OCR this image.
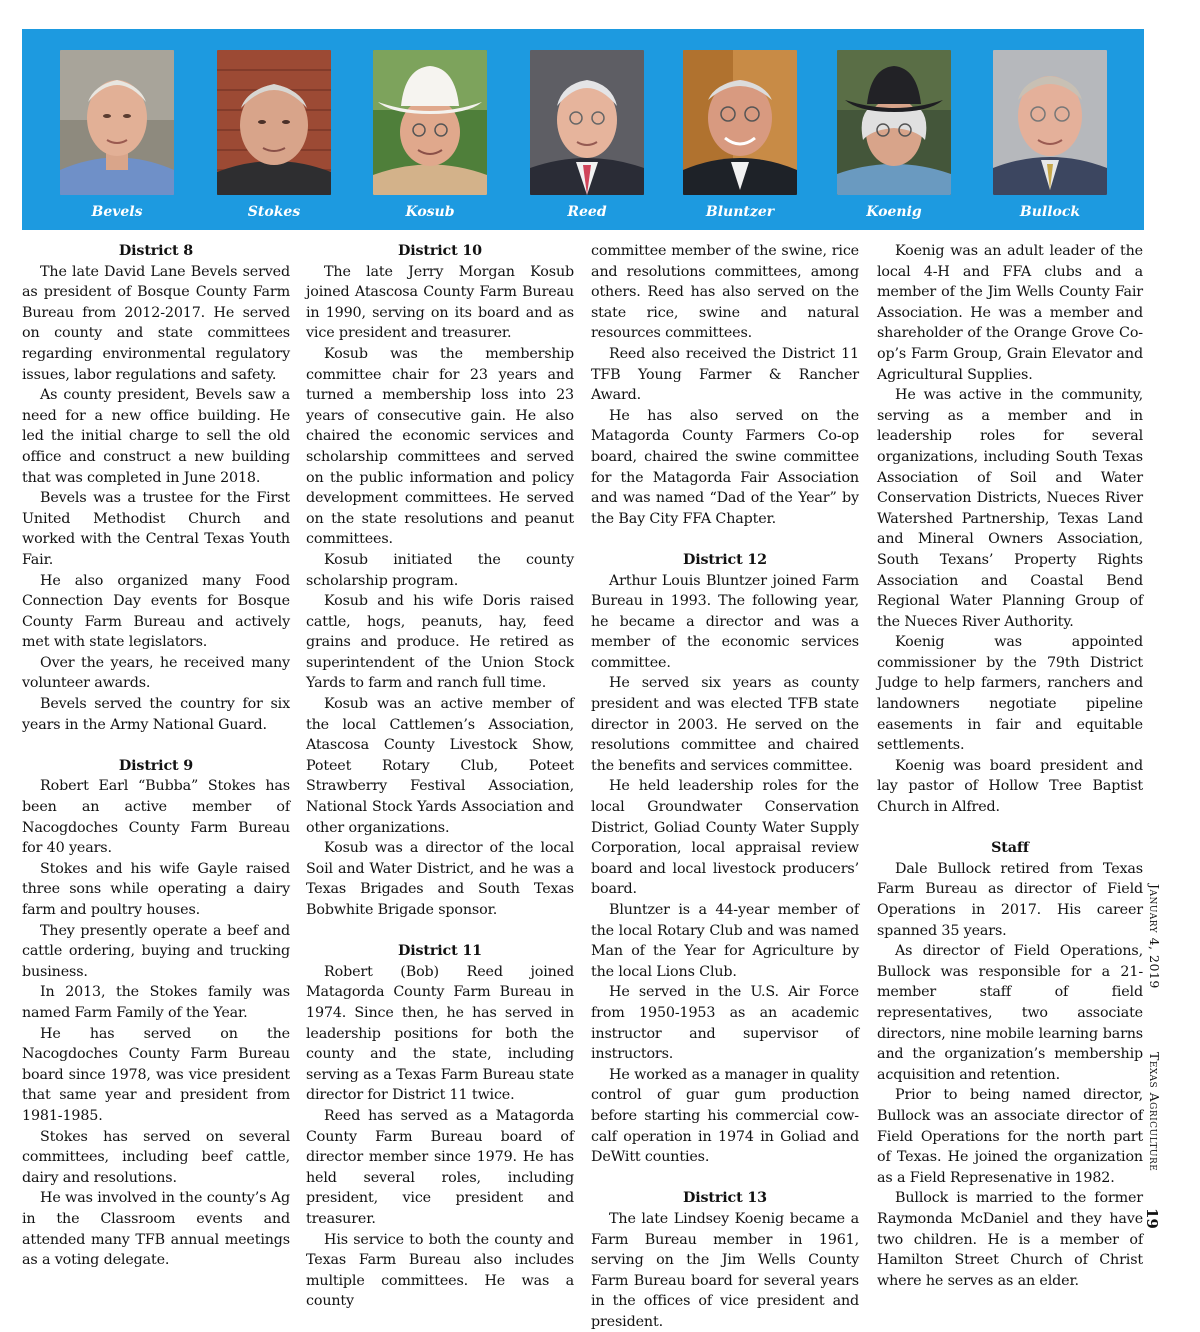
Bevels	Stokes	Kosub	Reed	Bluntzer	Koenig	Bullock
District 8

The late David Lane Bevels served as president of Bosque County Farm Bureau from 2012-2017. He served on county and state committees regarding environmental regulatory issues, labor regulations and safety.

As county president, Bevels saw a need for a new office building. He led the initial charge to sell the old office and construct a new building that was completed in June 2018.

Bevels was a trustee for the First United Methodist Church and worked with the Central Texas Youth Fair.

He also organized many Food Connection Day events for Bosque County Farm Bureau and actively met with state legislators.

Over the years, he received many volunteer awards.

Bevels served the country for six years in the Army National Guard.

District 9

Robert Earl “Bubba” Stokes has been an active member of Nacogdoches County Farm Bureau for 40 years.

Stokes and his wife Gayle raised three sons while operating a dairy farm and poultry houses.

They presently operate a beef and cattle ordering, buying and trucking business.

In 2013, the Stokes family was named Farm Family of the Year.

He has served on the Nacogdoches County Farm Bureau board since 1978, was vice president that same year and president from 1981-1985.

Stokes has served on several committees, including beef cattle, dairy and resolutions.

He was involved in the county’s Ag in the Classroom events and attended many TFB annual meetings as a voting delegate.

District 10

The late Jerry Morgan Kosub joined Atascosa County Farm Bureau in 1990, serving on its board and as vice president and treasurer.

Kosub was the membership committee chair for 23 years and turned a membership loss into 23 years of consecutive gain. He also chaired the economic services and scholarship committees and served on the public information and policy development committees. He served on the state resolutions and peanut committees.

Kosub initiated the county scholarship program.

Kosub and his wife Doris raised cattle, hogs, peanuts, hay, feed grains and produce. He retired as superintendent of the Union Stock Yards to farm and ranch full time.

Kosub was an active member of the local Cattlemen’s Association, Atascosa County Livestock Show, Poteet Rotary Club, Poteet Strawberry Festival Association, National Stock Yards Association and other organizations.

Kosub was a director of the local Soil and Water District, and he was a Texas Brigades and South Texas Bobwhite Brigade sponsor.

District 11

Robert (Bob) Reed joined Matagorda County Farm Bureau in 1974. Since then, he has served in leadership positions for both the county and the state, including serving as a Texas Farm Bureau state director for District 11 twice.

Reed has served as a Matagorda County Farm Bureau board of director member since 1979. He has held several roles, including president, vice president and treasurer.

His service to both the county and Texas Farm Bureau also includes multiple committees. He was a county

committee member of the swine, rice and resolutions committees, among others. Reed has also served on the state rice, swine and natural resources committees.

Reed also received the District 11 TFB Young Farmer & Rancher Award.

He has also served on the Matagorda County Farmers Co-op board, chaired the swine committee for the Matagorda Fair Association and was named “Dad of the Year” by the Bay City FFA Chapter.

District 12

Arthur Louis Bluntzer joined Farm Bureau in 1993. The following year, he became a director and was a member of the economic services committee.

He served six years as county president and was elected TFB state director in 2003. He served on the resolutions committee and chaired the benefits and services committee.

He held leadership roles for the local Groundwater Conservation District, Goliad County Water Supply Corporation, local appraisal review board and local livestock producers’ board.

Bluntzer is a 44-year member of the local Rotary Club and was named Man of the Year for Agriculture by the local Lions Club.

He served in the U.S. Air Force from 1950-1953 as an academic instructor and supervisor of instructors.

He worked as a manager in quality control of guar gum production before starting his commercial cow-calf operation in 1974 in Goliad and DeWitt counties.

District 13

The late Lindsey Koenig became a Farm Bureau member in 1961, serving on the Jim Wells County Farm Bureau board for several years in the offices of vice president and president.

Koenig was an adult leader of the local 4-H and FFA clubs and a member of the Jim Wells County Fair Association. He was a member and shareholder of the Orange Grove Co-op’s Farm Group, Grain Elevator and Agricultural Supplies.

He was active in the community, serving as a member and in leadership roles for several organizations, including South Texas Association of Soil and Water Conservation Districts, Nueces River Watershed Partnership, Texas Land and Mineral Owners Association, South Texans’ Property Rights Association and Coastal Bend Regional Water Planning Group of the Nueces River Authority.

Koenig was appointed commissioner by the 79th District Judge to help farmers, ranchers and landowners negotiate pipeline easements in fair and equitable settlements.

Koenig was board president and lay pastor of Hollow Tree Baptist Church in Alfred.

Staff

Dale Bullock retired from Texas Farm Bureau as director of Field Operations in 2017. His career spanned 35 years.

As director of Field Operations, Bullock was responsible for a 21-member staff of field representatives, two associate directors, nine mobile learning barns and the organization’s membership acquisition and retention.

Prior to being named director, Bullock was an associate director of Field Operations for the north part of Texas. He joined the organization as a Field Represenative in 1982.

Bullock is married to the former Raymonda McDaniel and they have two children. He is a member of Hamilton Street Church of Christ where he serves as an elder.

January 4, 2019
Texas Agriculture
19
